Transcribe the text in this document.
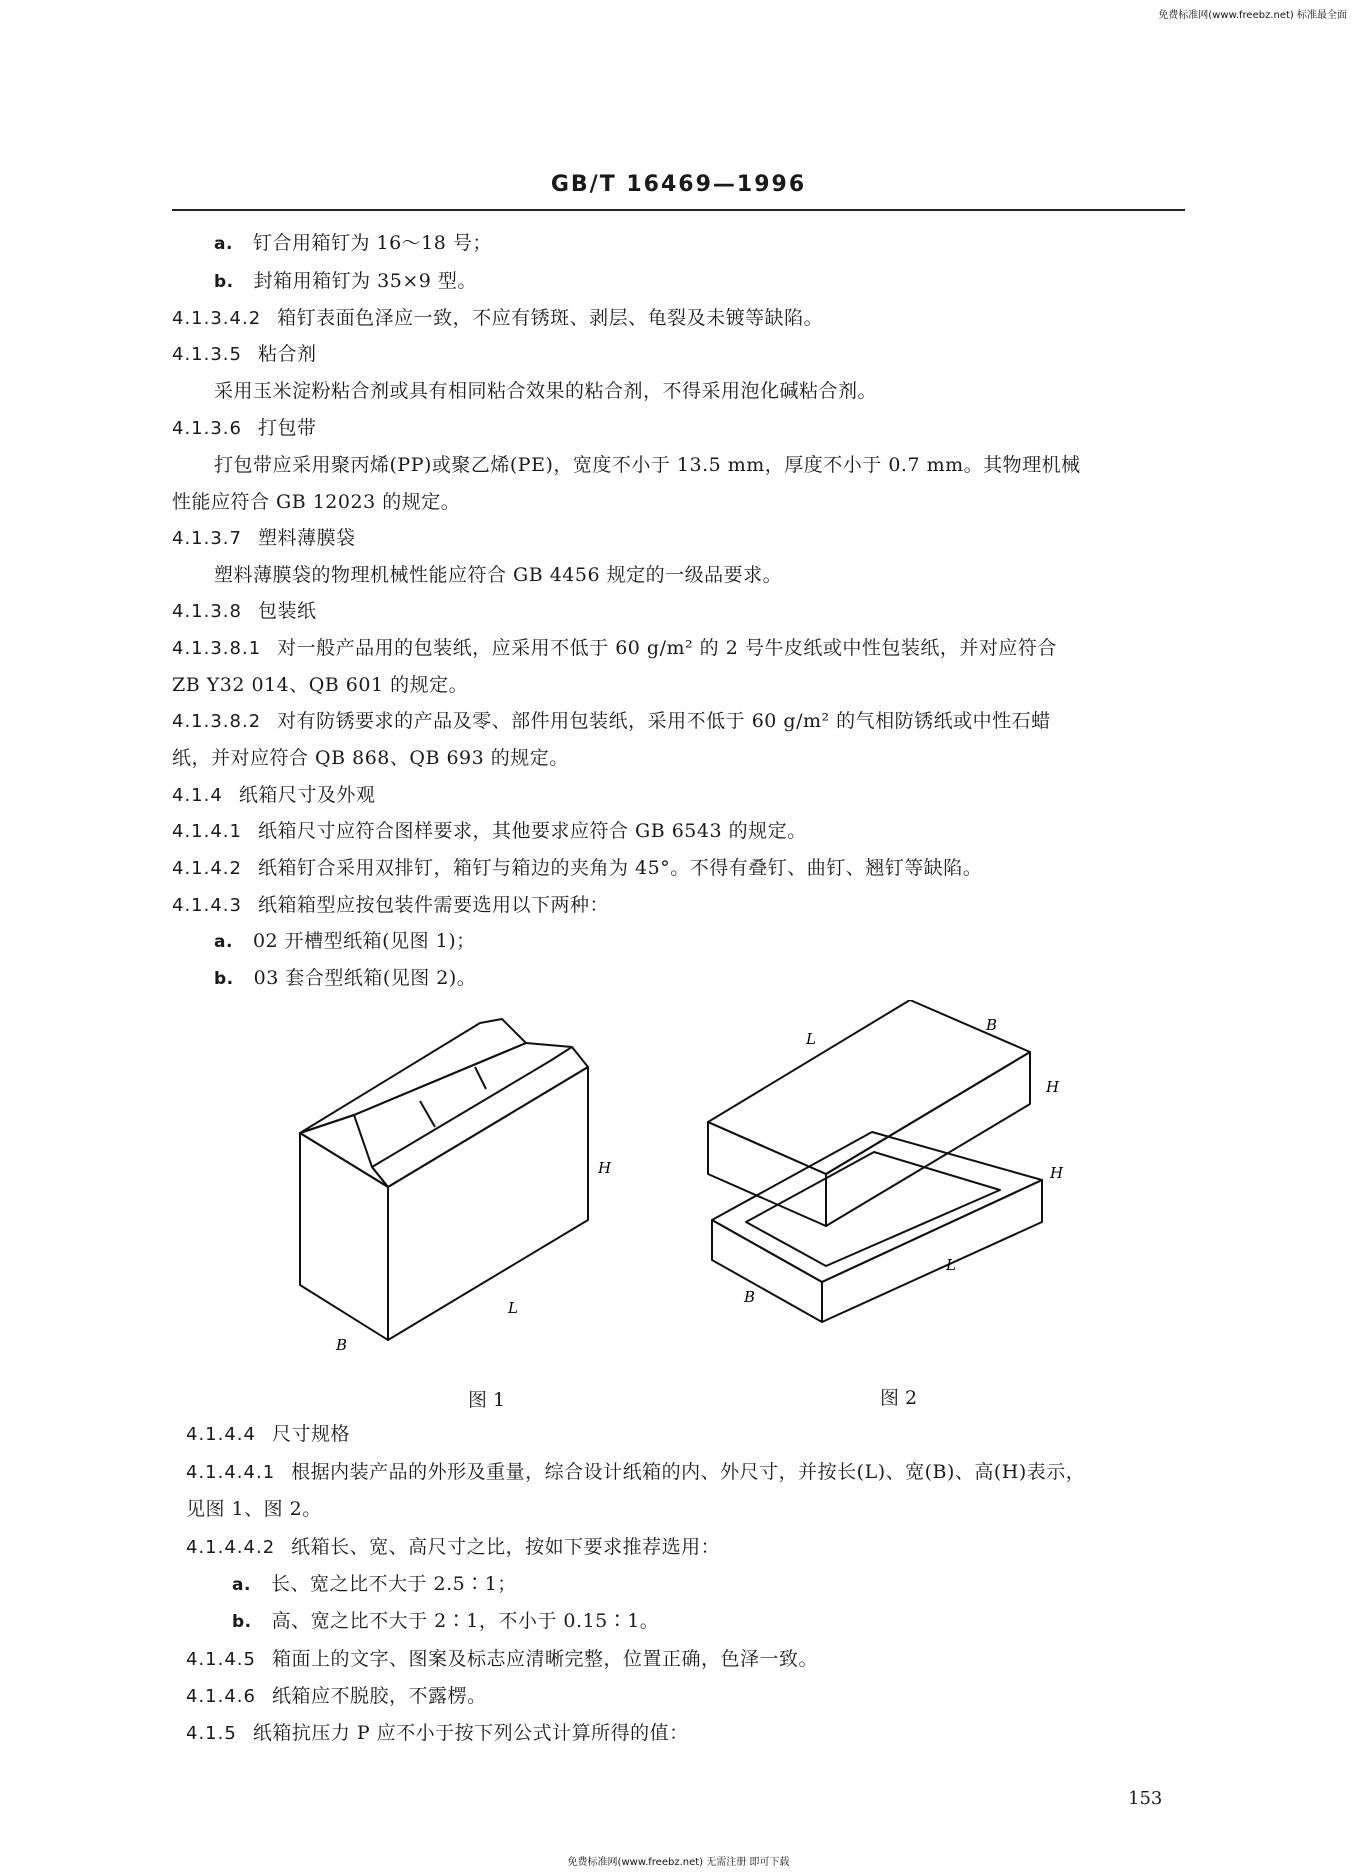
免费标准网(www.freebz.net) 标准最全面
免费标准网(www.freebz.net) 无需注册 即可下载
GB/T 16469—1996
a. 钉合用箱钉为 16～18 号；
b. 封箱用箱钉为 35×9 型。
4.1.3.4.2 箱钉表面色泽应一致，不应有锈斑、剥层、龟裂及未镀等缺陷。
4.1.3.5 粘合剂
采用玉米淀粉粘合剂或具有相同粘合效果的粘合剂，不得采用泡化碱粘合剂。
4.1.3.6 打包带
打包带应采用聚丙烯(PP)或聚乙烯(PE)，宽度不小于 13.5 mm，厚度不小于 0.7 mm。其物理机械
性能应符合 GB 12023 的规定。
4.1.3.7 塑料薄膜袋
塑料薄膜袋的物理机械性能应符合 GB 4456 规定的一级品要求。
4.1.3.8 包装纸
4.1.3.8.1 对一般产品用的包装纸，应采用不低于 60 g/m² 的 2 号牛皮纸或中性包装纸，并对应符合
ZB Y32 014、QB 601 的规定。
4.1.3.8.2 对有防锈要求的产品及零、部件用包装纸，采用不低于 60 g/m² 的气相防锈纸或中性石蜡
纸，并对应符合 QB 868、QB 693 的规定。
4.1.4 纸箱尺寸及外观
4.1.4.1 纸箱尺寸应符合图样要求，其他要求应符合 GB 6543 的规定。
4.1.4.2 纸箱钉合采用双排钉，箱钉与箱边的夹角为 45°。不得有叠钉、曲钉、翘钉等缺陷。
4.1.4.3 纸箱箱型应按包装件需要选用以下两种：
a. 02 开槽型纸箱(见图 1)；
b. 03 套合型纸箱(见图 2)。
H
L
B
图 1
L
B
H
H
L
B
图 2
4.1.4.4 尺寸规格
4.1.4.4.1 根据内装产品的外形及重量，综合设计纸箱的内、外尺寸，并按长(L)、宽(B)、高(H)表示，
见图 1、图 2。
4.1.4.4.2 纸箱长、宽、高尺寸之比，按如下要求推荐选用：
a. 长、宽之比不大于 2.5∶1；
b. 高、宽之比不大于 2∶1，不小于 0.15∶1。
4.1.4.5 箱面上的文字、图案及标志应清晰完整，位置正确，色泽一致。
4.1.4.6 纸箱应不脱胶，不露楞。
4.1.5 纸箱抗压力 P 应不小于按下列公式计算所得的值：
153
